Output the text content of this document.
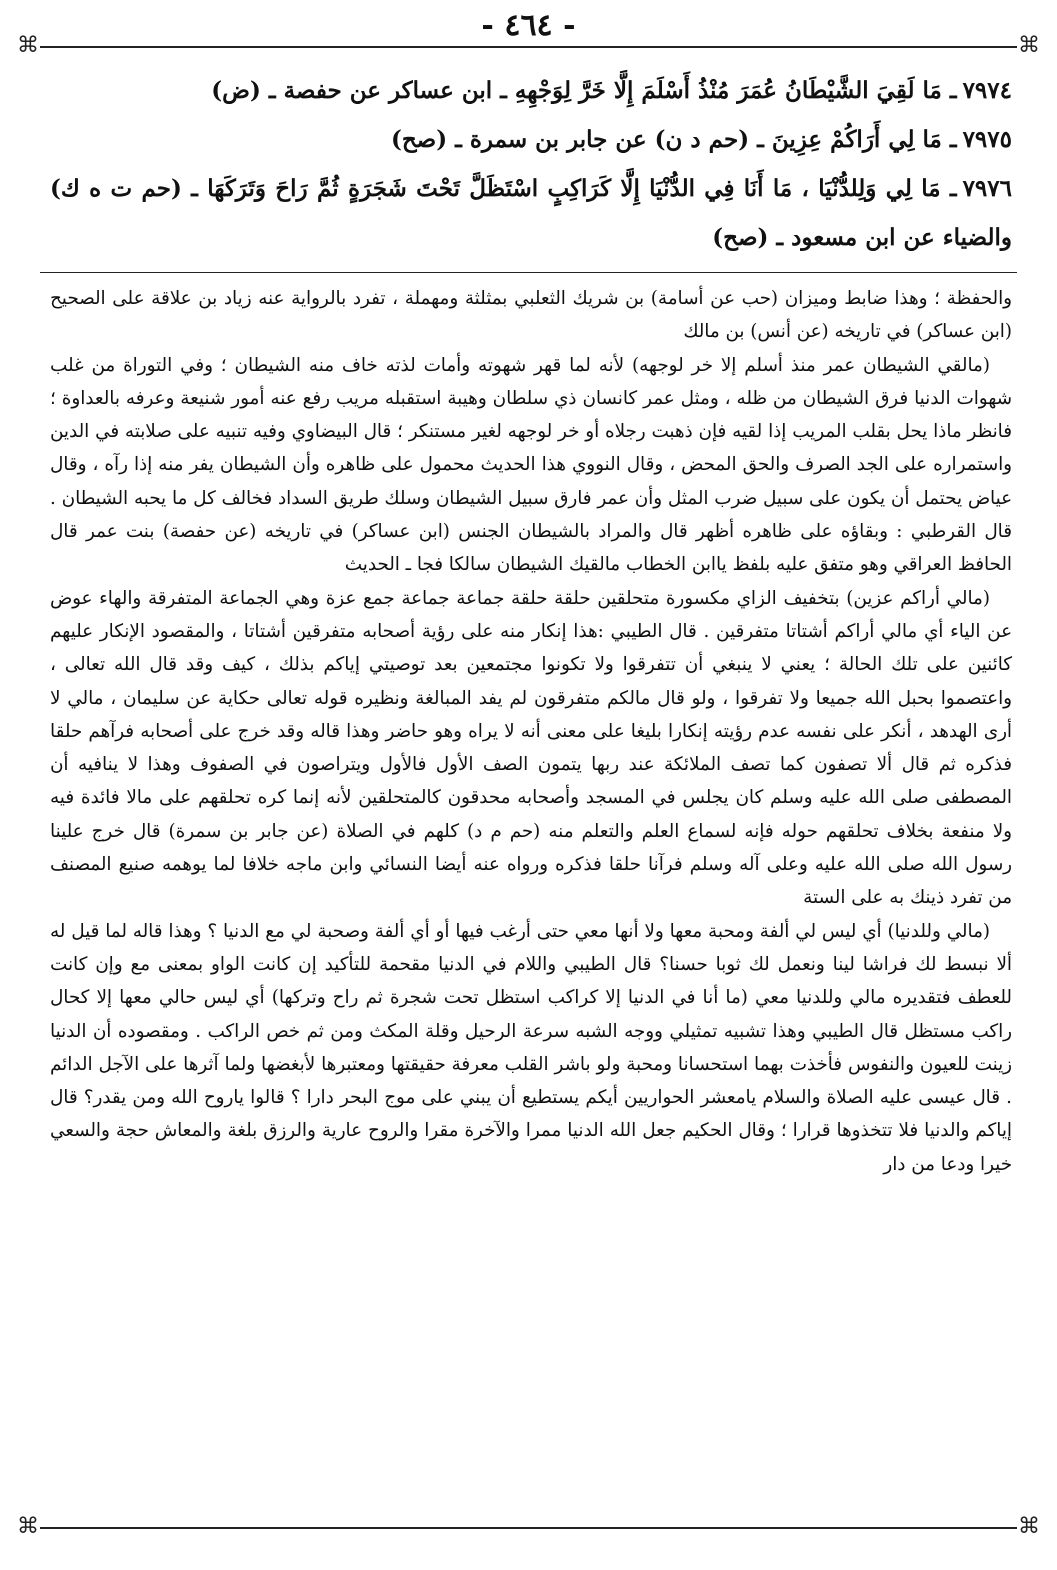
- ٤٦٤ -
⌘	⌘

٧٩٧٤ـ مَا لَقِيَ الشَّيْطَانُ عُمَرَ مُنْذُ أَسْلَمَ إِلَّا خَرَّ لِوَجْهِهِ ـ ابن عساكر عن حفصة ـ (ض)

٧٩٧٥ـ مَا لِي أَرَاكُمْ عِزِينَ ـ (حم د ن) عن جابر بن سمرة ـ (صح)

٧٩٧٦ـ مَا لِي وَلِلدُّنْيَا ، مَا أَنَا فِي الدُّنْيَا إِلَّا كَرَاكِبٍ اسْتَظَلَّ تَحْتَ شَجَرَةٍ ثُمَّ رَاحَ وَتَرَكَهَا ـ (حم ت ه ك) والضياء عن ابن مسعود ـ (صح)

والحفظة ؛ وهذا ضابط وميزان (حب عن أسامة) بن شريك الثعلبي بمثلثة ومهملة ، تفرد بالرواية عنه زياد بن علاقة على الصحيح (ابن عساكر) في تاريخه (عن أنس) بن مالك

(مالقي الشيطان عمر منذ أسلم إلا خر لوجهه) لأنه لما قهر شهوته وأمات لذته خاف منه الشيطان ؛ وفي التوراة من غلب شهوات الدنيا فرق الشيطان من ظله ، ومثل عمر كانسان ذي سلطان وهيبة استقبله مريب رفع عنه أمور شنيعة وعرفه بالعداوة ؛ فانظر ماذا يحل بقلب المريب إذا لقيه فإن ذهبت رجلاه أو خر لوجهه لغير مستنكر ؛ قال البيضاوي وفيه تنبيه على صلابته في الدين واستمراره على الجد الصرف والحق المحض ، وقال النووي هذا الحديث محمول على ظاهره وأن الشيطان يفر منه إذا رآه ، وقال عياض يحتمل أن يكون على سبيل ضرب المثل وأن عمر فارق سبيل الشيطان وسلك طريق السداد فخالف كل ما يحبه الشيطان . قال القرطبي : وبقاؤه على ظاهره أظهر قال والمراد بالشيطان الجنس (ابن عساكر) في تاريخه (عن حفصة) بنت عمر قال الحافظ العراقي وهو متفق عليه بلفظ ياابن الخطاب مالقيك الشيطان سالكا فجا ـ الحديث

(مالي أراكم عزين) بتخفيف الزاي مكسورة متحلقين حلقة حلقة جماعة جماعة جمع عزة وهي الجماعة المتفرقة والهاء عوض عن الياء أي مالي أراكم أشتاتا متفرقين . قال الطيبي :هذا إنكار منه على رؤية أصحابه متفرقين أشتاتا ، والمقصود الإنكار عليهم كائنين على تلك الحالة ؛ يعني لا ينبغي أن تتفرقوا ولا تكونوا مجتمعين بعد توصيتي إياكم بذلك ، كيف وقد قال الله تعالى ، واعتصموا بحبل الله جميعا ولا تفرقوا ، ولو قال مالكم متفرقون لم يفد المبالغة ونظيره قوله تعالى حكاية عن سليمان ، مالي لا أرى الهدهد ، أنكر على نفسه عدم رؤيته إنكارا بليغا على معنى أنه لا يراه وهو حاضر وهذا قاله وقد خرج على أصحابه فرآهم حلقا فذكره ثم قال ألا تصفون كما تصف الملائكة عند ربها يتمون الصف الأول فالأول ويتراصون في الصفوف وهذا لا ينافيه أن المصطفى صلى الله عليه وسلم كان يجلس في المسجد وأصحابه محدقون كالمتحلقين لأنه إنما كره تحلقهم على مالا فائدة فيه ولا منفعة بخلاف تحلقهم حوله فإنه لسماع العلم والتعلم منه (حم م د) كلهم في الصلاة (عن جابر بن سمرة) قال خرج علينا رسول الله صلى الله عليه وعلى آله وسلم فرآنا حلقا فذكره ورواه عنه أيضا النسائي وابن ماجه خلافا لما يوهمه صنيع المصنف من تفرد ذينك به على الستة

(مالي وللدنيا) أي ليس لي ألفة ومحبة معها ولا أنها معي حتى أرغب فيها أو أي ألفة وصحبة لي مع الدنيا ؟ وهذا قاله لما قيل له ألا نبسط لك فراشا لينا ونعمل لك ثوبا حسنا؟ قال الطيبي واللام في الدنيا مقحمة للتأكيد إن كانت الواو بمعنى مع وإن كانت للعطف فتقديره مالي وللدنيا معي (ما أنا في الدنيا إلا كراكب استظل تحت شجرة ثم راح وتركها) أي ليس حالي معها إلا كحال راكب مستظل قال الطيبي وهذا تشبيه تمثيلي ووجه الشبه سرعة الرحيل وقلة المكث ومن ثم خص الراكب . ومقصوده أن الدنيا زينت للعيون والنفوس فأخذت بهما استحسانا ومحبة ولو باشر القلب معرفة حقيقتها ومعتبرها لأبغضها ولما آثرها على الآجل الدائم . قال عيسى عليه الصلاة والسلام يامعشر الحواريين أيكم يستطيع أن يبني على موج البحر دارا ؟ قالوا ياروح الله ومن يقدر؟ قال إياكم والدنيا فلا تتخذوها قرارا ؛ وقال الحكيم جعل الله الدنيا ممرا والآخرة مقرا والروح عارية والرزق بلغة والمعاش حجة والسعي خيرا ودعا من دار

⌘	⌘
